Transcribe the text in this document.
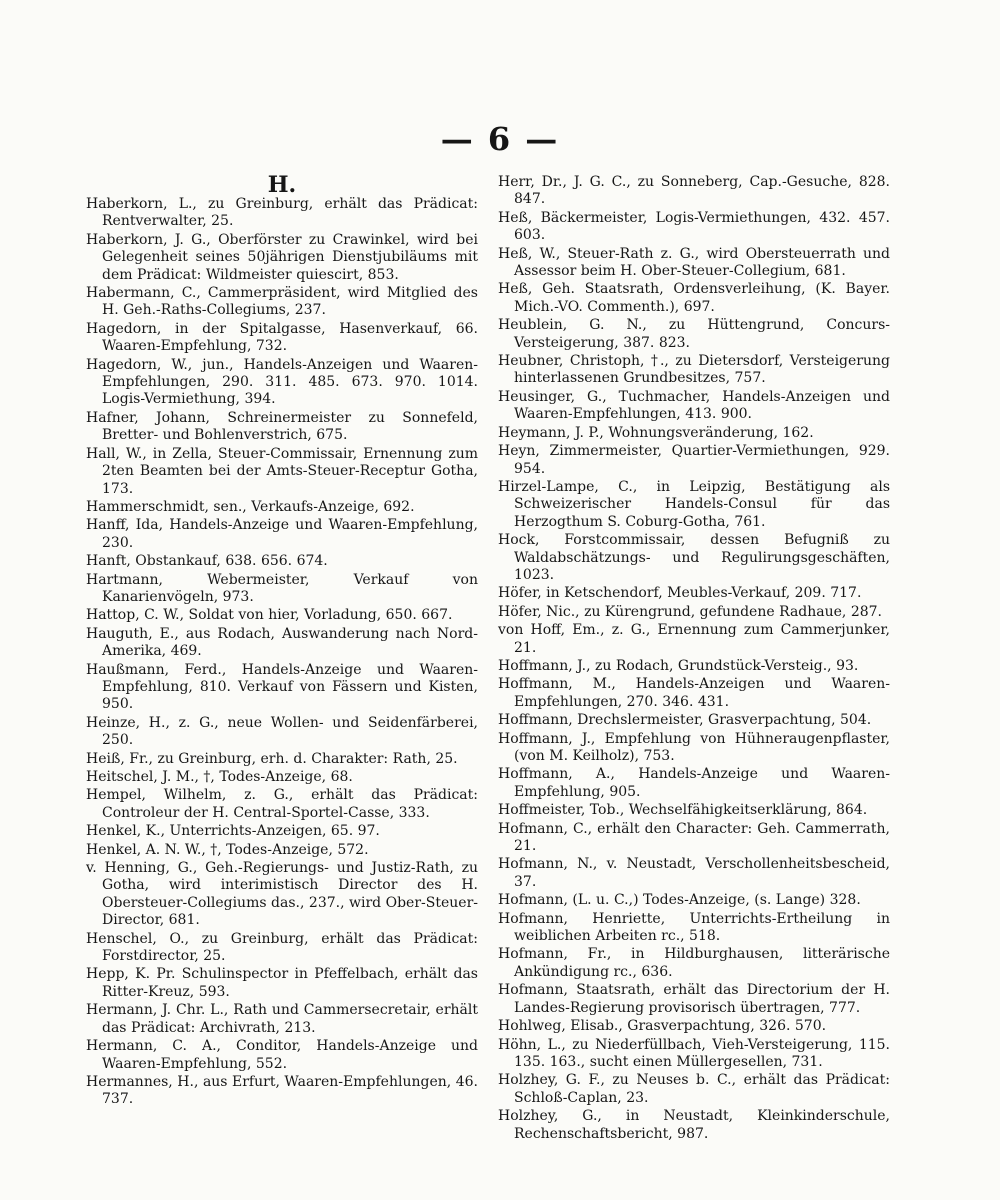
— 6 —
H.

Haberkorn, L., zu Greinburg, erhält das Prädicat: Rentverwalter, 25.

Haberkorn, J. G., Oberförster zu Crawinkel, wird bei Gelegenheit seines 50jährigen Dienstjubiläums mit dem Prädicat: Wildmeister quiescirt, 853.

Habermann, C., Cammerpräsident, wird Mitglied des H. Geh.-Raths-Collegiums, 237.

Hagedorn, in der Spitalgasse, Hasenverkauf, 66. Waaren-Empfehlung, 732.

Hagedorn, W., jun., Handels-Anzeigen und Waaren-Empfehlungen, 290. 311. 485. 673. 970. 1014. Logis-Vermiethung, 394.

Hafner, Johann, Schreinermeister zu Sonnefeld, Bretter- und Bohlenverstrich, 675.

Hall, W., in Zella, Steuer-Commissair, Ernennung zum 2ten Beamten bei der Amts-Steuer-Receptur Gotha, 173.

Hammerschmidt, sen., Verkaufs-Anzeige, 692.

Hanff, Ida, Handels-Anzeige und Waaren-Empfehlung, 230.

Hanft, Obstankauf, 638. 656. 674.

Hartmann, Webermeister, Verkauf von Kanarienvögeln, 973.

Hattop, C. W., Soldat von hier, Vorladung, 650. 667.

Hauguth, E., aus Rodach, Auswanderung nach Nord-Amerika, 469.

Haußmann, Ferd., Handels-Anzeige und Waaren-Empfehlung, 810. Verkauf von Fässern und Kisten, 950.

Heinze, H., z. G., neue Wollen- und Seidenfärberei, 250.

Heiß, Fr., zu Greinburg, erh. d. Charakter: Rath, 25.

Heitschel, J. M., †, Todes-Anzeige, 68.

Hempel, Wilhelm, z. G., erhält das Prädicat: Controleur der H. Central-Sportel-Casse, 333.

Henkel, K., Unterrichts-Anzeigen, 65. 97.

Henkel, A. N. W., †, Todes-Anzeige, 572.

v. Henning, G., Geh.-Regierungs- und Justiz-Rath, zu Gotha, wird interimistisch Director des H. Obersteuer-Collegiums das., 237., wird Ober-Steuer-Director, 681.

Henschel, O., zu Greinburg, erhält das Prädicat: Forstdirector, 25.

Hepp, K. Pr. Schulinspector in Pfeffelbach, erhält das Ritter-Kreuz, 593.

Hermann, J. Chr. L., Rath und Cammersecretair, erhält das Prädicat: Archivrath, 213.

Hermann, C. A., Conditor, Handels-Anzeige und Waaren-Empfehlung, 552.

Hermannes, H., aus Erfurt, Waaren-Empfehlungen, 46. 737.

Herr, Dr., J. G. C., zu Sonneberg, Cap.-Gesuche, 828. 847.

Heß, Bäckermeister, Logis-Vermiethungen, 432. 457. 603.

Heß, W., Steuer-Rath z. G., wird Obersteuerrath und Assessor beim H. Ober-Steuer-Collegium, 681.

Heß, Geh. Staatsrath, Ordensverleihung, (K. Bayer. Mich.-VO. Commenth.), 697.

Heublein, G. N., zu Hüttengrund, Concurs-Versteigerung, 387. 823.

Heubner, Christoph, †., zu Dietersdorf, Versteigerung hinterlassenen Grundbesitzes, 757.

Heusinger, G., Tuchmacher, Handels-Anzeigen und Waaren-Empfehlungen, 413. 900.

Heymann, J. P., Wohnungsveränderung, 162.

Heyn, Zimmermeister, Quartier-Vermiethungen, 929. 954.

Hirzel-Lampe, C., in Leipzig, Bestätigung als Schweizerischer Handels-Consul für das Herzogthum S. Coburg-Gotha, 761.

Hock, Forstcommissair, dessen Befugniß zu Waldabschätzungs- und Regulirungsgeschäften, 1023.

Höfer, in Ketschendorf, Meubles-Verkauf, 209. 717.

Höfer, Nic., zu Kürengrund, gefundene Radhaue, 287.

von Hoff, Em., z. G., Ernennung zum Cammerjunker, 21.

Hoffmann, J., zu Rodach, Grundstück-Versteig., 93.

Hoffmann, M., Handels-Anzeigen und Waaren-Empfehlungen, 270. 346. 431.

Hoffmann, Drechslermeister, Grasverpachtung, 504.

Hoffmann, J., Empfehlung von Hühneraugenpflaster, (von M. Keilholz), 753.

Hoffmann, A., Handels-Anzeige und Waaren-Empfehlung, 905.

Hoffmeister, Tob., Wechselfähigkeitserklärung, 864.

Hofmann, C., erhält den Character: Geh. Cammerrath, 21.

Hofmann, N., v. Neustadt, Verschollenheitsbescheid, 37.

Hofmann, (L. u. C.,) Todes-Anzeige, (s. Lange) 328.

Hofmann, Henriette, Unterrichts-Ertheilung in weiblichen Arbeiten rc., 518.

Hofmann, Fr., in Hildburghausen, litterärische Ankündigung rc., 636.

Hofmann, Staatsrath, erhält das Directorium der H. Landes-Regierung provisorisch übertragen, 777.

Hohlweg, Elisab., Grasverpachtung, 326. 570.

Höhn, L., zu Niederfüllbach, Vieh-Versteigerung, 115. 135. 163., sucht einen Müllergesellen, 731.

Holzhey, G. F., zu Neuses b. C., erhält das Prädicat: Schloß-Caplan, 23.

Holzhey, G., in Neustadt, Kleinkinderschule, Rechenschaftsbericht, 987.
